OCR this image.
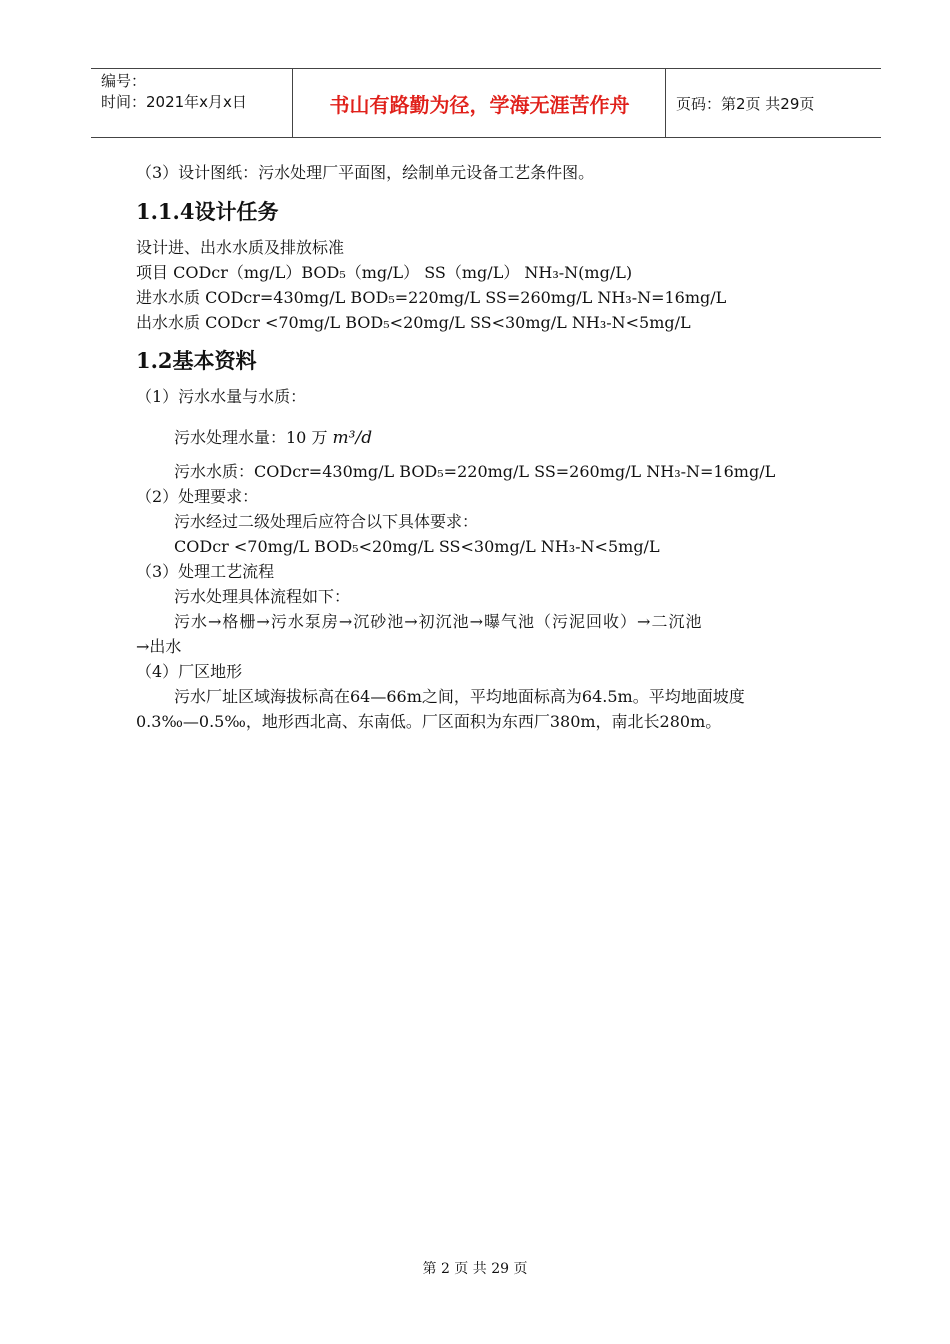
编号：
时间：2021年x月x日	书山有路勤为径，学海无涯苦作舟	页码：第2页 共29页
（3）设计图纸：污水处理厂平面图，绘制单元设备工艺条件图。
1.1.4设计任务
设计进、出水水质及排放标准
项目 CODcr（mg/L）BOD₅（mg/L） SS（mg/L） NH₃-N(mg/L)
进水水质 CODcr=430mg/L BOD₅=220mg/L SS=260mg/L NH₃-N=16mg/L
出水水质 CODcr <70mg/L BOD₅<20mg/L SS<30mg/L NH₃-N<5mg/L
1.2基本资料
（1）污水水量与水质：
污水处理水量：10 万 m³/d
污水水质：CODcr=430mg/L BOD₅=220mg/L SS=260mg/L NH₃-N=16mg/L
（2）处理要求：
污水经过二级处理后应符合以下具体要求：
CODcr <70mg/L BOD₅<20mg/L SS<30mg/L NH₃-N<5mg/L
（3）处理工艺流程
污水处理具体流程如下：
污水→格栅→污水泵房→沉砂池→初沉池→曝气池（污泥回收）→二沉池
→出水
（4）厂区地形
污水厂址区域海拔标高在64—66m之间，平均地面标高为64.5m。平均地面坡度
0.3‰—0.5‰，地形西北高、东南低。厂区面积为东西厂380m，南北长280m。
第 2 页 共 29 页
